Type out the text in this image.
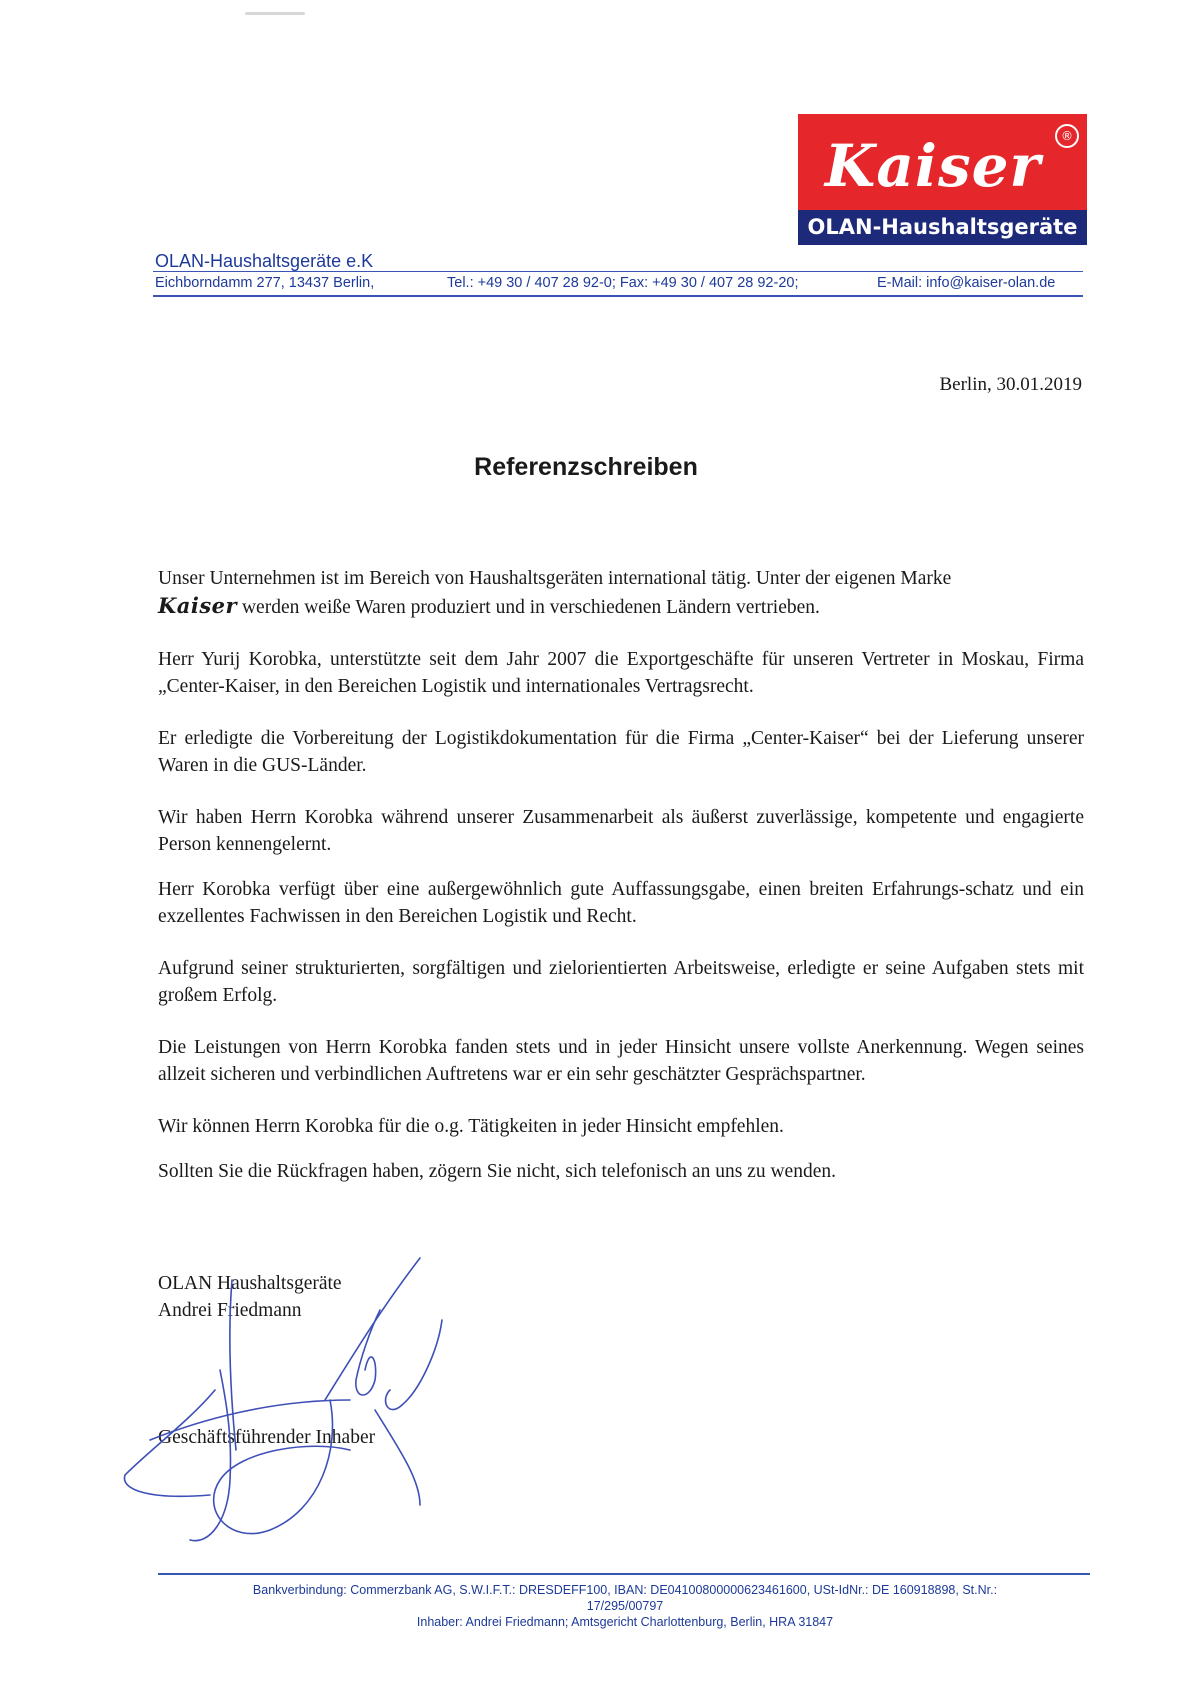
Kaiser	®
OLAN-Haushaltsgeräte
OLAN-Haushaltsgeräte e.K
Eichborndamm 277, 13437 Berlin,	Tel.: +49 30 / 407 28 92-0; Fax: +49 30 / 407 28 92-20;	E-Mail: info@kaiser-olan.de
Berlin, 30.01.2019
Referenzschreiben

Unser Unternehmen ist im Bereich von Haushaltsgeräten international tätig. Unter der eigenen Marke
Kaiser werden weiße Waren produziert und in verschiedenen Ländern vertrieben.

Herr Yurij Korobka, unterstützte seit dem Jahr 2007 die Exportgeschäfte für unseren Vertreter in Moskau, Firma „Center-Kaiser, in den Bereichen Logistik und internationales Vertragsrecht.

Er erledigte die Vorbereitung der Logistikdokumentation für die Firma „Center-Kaiser“ bei der Lieferung unserer Waren in die GUS-Länder.

Wir haben Herrn Korobka während unserer Zusammenarbeit als äußerst zuverlässige, kompetente und engagierte Person kennengelernt.

Herr Korobka verfügt über eine außergewöhnlich gute Auffassungsgabe, einen breiten Erfahrungs-schatz und ein exzellentes Fachwissen in den Bereichen Logistik und Recht.

Aufgrund seiner strukturierten, sorgfältigen und zielorientierten Arbeitsweise, erledigte er seine Aufgaben stets mit großem Erfolg.

Die Leistungen von Herrn Korobka fanden stets und in jeder Hinsicht unsere vollste Anerkennung. Wegen seines allzeit sicheren und verbindlichen Auftretens war er ein sehr geschätzter Gesprächspartner.

Wir können Herrn Korobka für die o.g. Tätigkeiten in jeder Hinsicht empfehlen.

Sollten Sie die Rückfragen haben, zögern Sie nicht, sich telefonisch an uns zu wenden.

OLAN Haushaltsgeräte
Andrei Friedmann
Geschäftsführender Inhaber
Bankverbindung: Commerzbank AG, S.W.I.F.T.: DRESDEFF100, IBAN: DE04100800000623461600, USt-IdNr.: DE 160918898, St.Nr.:
17/295/00797
Inhaber: Andrei Friedmann; Amtsgericht Charlottenburg, Berlin, HRA 31847
